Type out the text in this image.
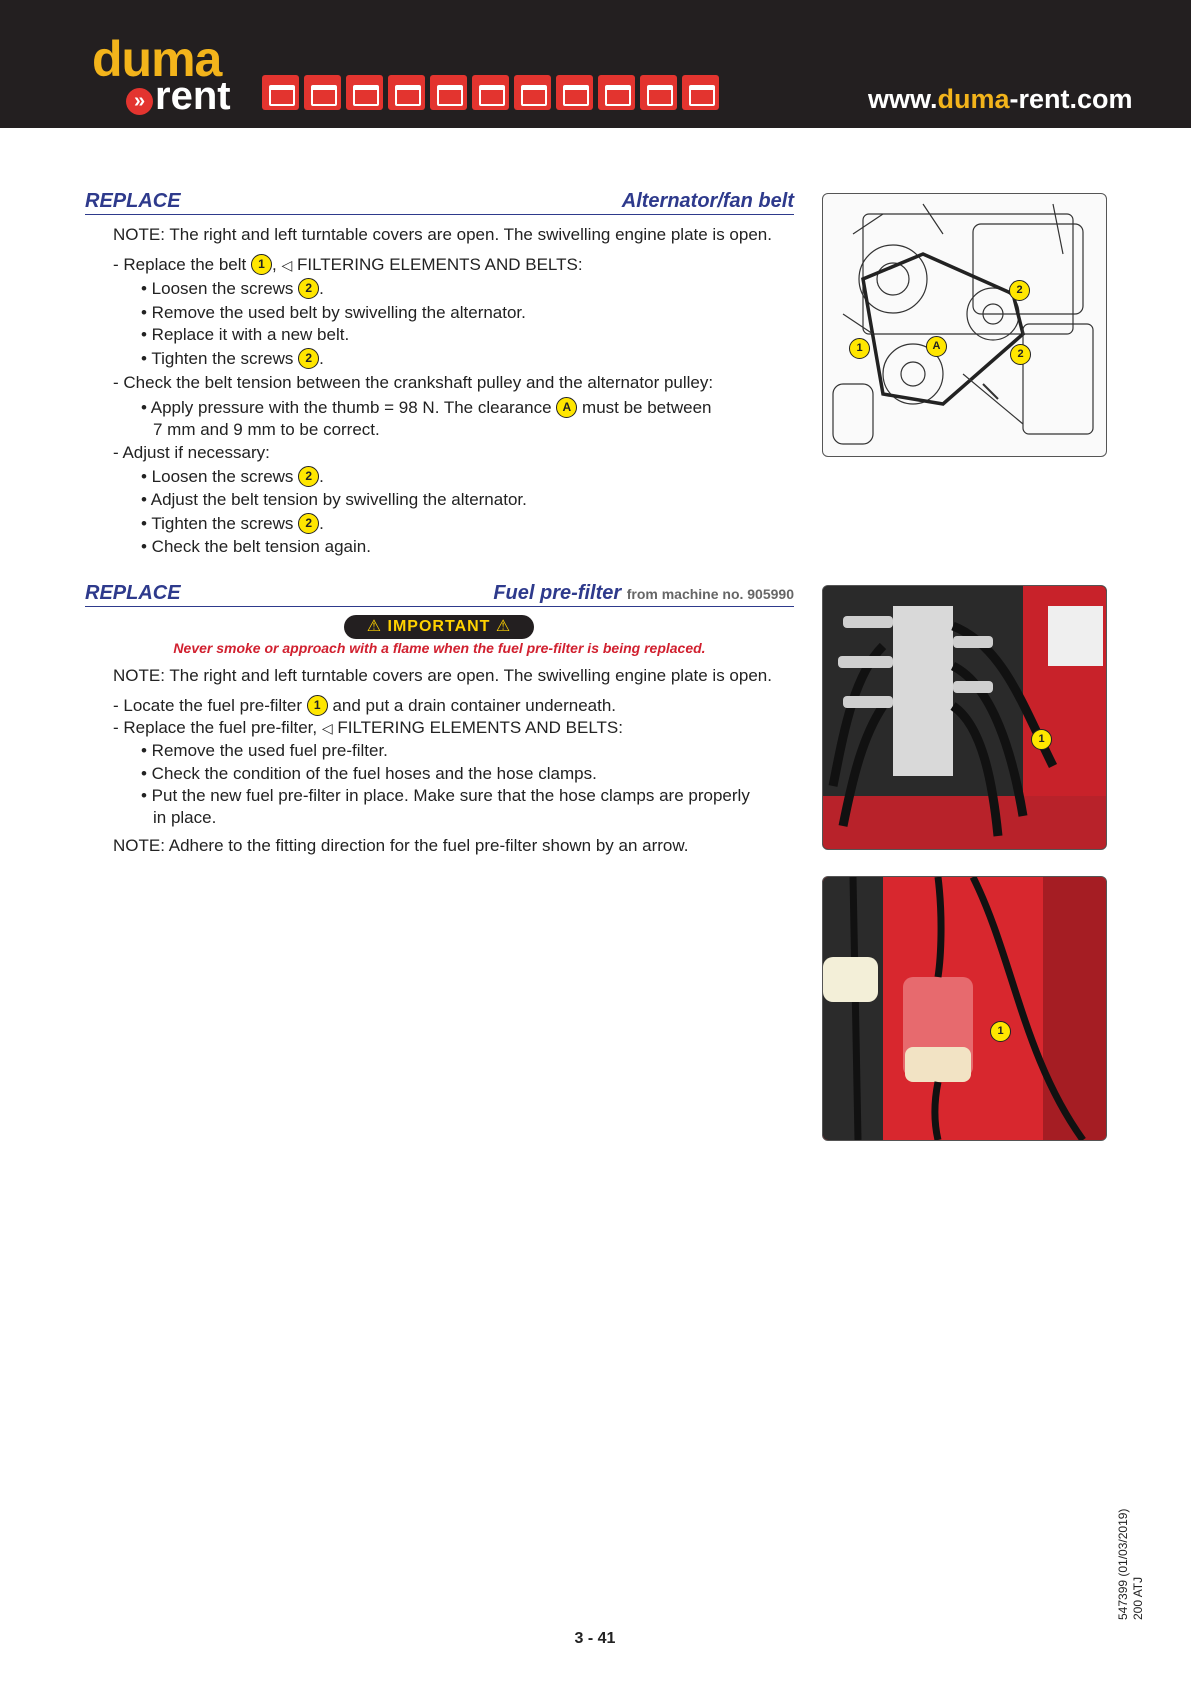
duma
» rent	www.duma-rent.com
REPLACE	Alternator/fan belt
NOTE: The right and left turntable covers are open. The swivelling engine plate is open.
- Replace the belt 1 , ◁ FILTERING ELEMENTS AND BELTS:
• Loosen the screws 2 .
• Remove the used belt by swivelling the alternator.
• Replace it with a new belt.
• Tighten the screws 2 .
- Check the belt tension between the crankshaft pulley and the alternator pulley:
• Apply pressure with the thumb = 98 N. The clearance A must be between
7 mm and 9 mm to be correct.
- Adjust if necessary:
• Loosen the screws 2 .
• Adjust the belt tension by swivelling the alternator.
• Tighten the screws 2 .
• Check the belt tension again.
1	A
2
2
REPLACE	Fuel pre-filter from machine no. 905990
⚠ IMPORTANT ⚠
Never smoke or approach with a flame when the fuel pre-filter is being replaced.
NOTE: The right and left turntable covers are open. The swivelling engine plate is open.
- Locate the fuel pre-filter 1 and put a drain container underneath.
- Replace the fuel pre-filter, ◁ FILTERING ELEMENTS AND BELTS:
• Remove the used fuel pre-filter.
• Check the condition of the fuel hoses and the hose clamps.
• Put the new fuel pre-filter in place. Make sure that the hose clamps are properly
in place.
NOTE: Adhere to the fitting direction for the fuel pre-filter shown by an arrow.
1
1
547399 (01/03/2019) 200 ATJ
3 - 41
